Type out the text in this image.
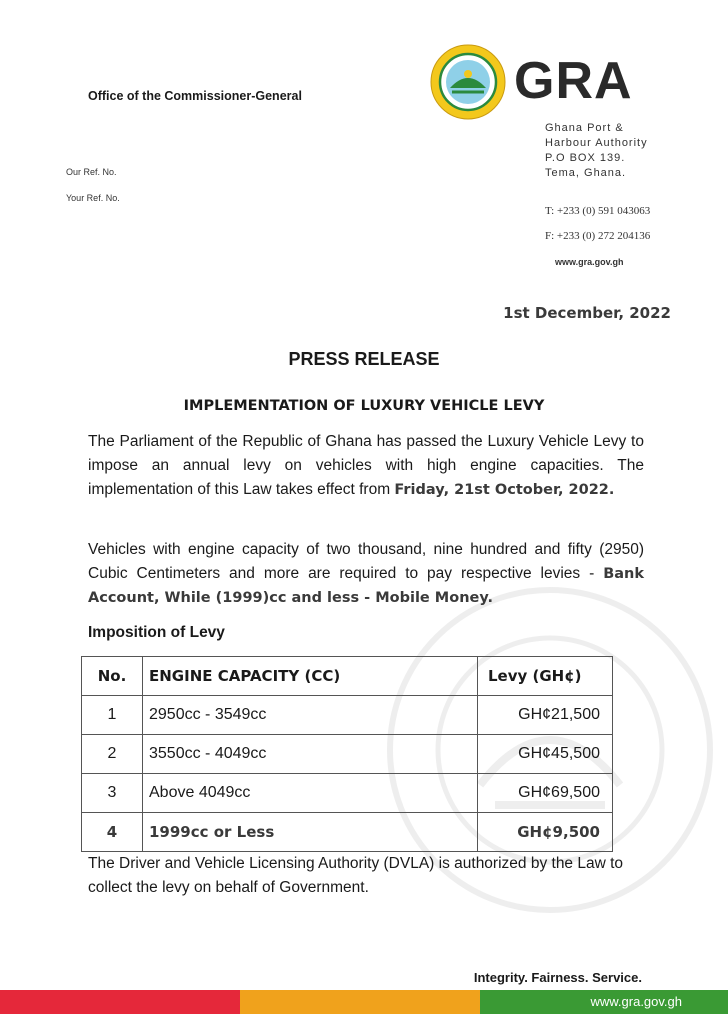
Office of the Commissioner-General
Our Ref. No.
Your Ref. No.
GRA
Ghana Port &
Harbour Authority
P.O BOX 139.
Tema, Ghana.
T: +233 (0) 591 043063
F: +233 (0) 272 204136
www.gra.gov.gh
1st December, 2022
PRESS RELEASE
IMPLEMENTATION OF LUXURY VEHICLE LEVY
The Parliament of the Republic of Ghana has passed the Luxury Vehicle Levy to impose an annual levy on vehicles with high engine capacities. The implementation of this Law takes effect from Friday, 21st October, 2022.
Vehicles with engine capacity of two thousand, nine hundred and fifty (2950) Cubic Centimeters and more are required to pay respective levies - Bank Account, While (1999)cc and less - Mobile Money.
Imposition of Levy
No.	ENGINE CAPACITY (CC)	Levy (GH¢)
1	2950cc - 3549cc	GH¢21,500
2	3550cc - 4049cc	GH¢45,500
3	Above 4049cc	GH¢69,500
4	1999cc or Less	GH¢9,500
The Driver and Vehicle Licensing Authority (DVLA) is authorized by the Law to collect the levy on behalf of Government.
Integrity. Fairness. Service.
www.gra.gov.gh
